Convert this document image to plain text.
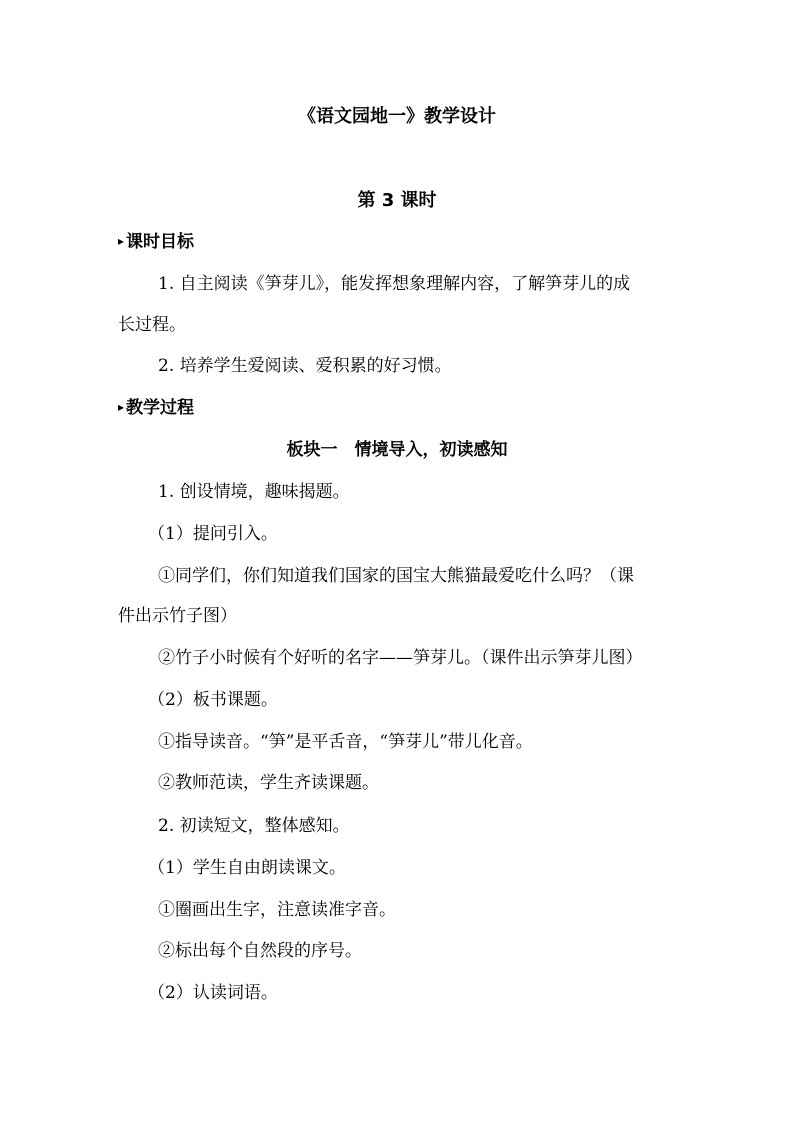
《语文园地一》教学设计
第 3 课时
▸ 课时目标
1. 自主阅读《笋芽儿》，能发挥想象理解内容，了解笋芽儿的成
长过程。
2. 培养学生爱阅读、爱积累的好习惯。
▸ 教学过程
板块一　情境导入，初读感知
1. 创设情境，趣味揭题。
（1）提问引入。
①同学们，你们知道我们国家的国宝大熊猫最爱吃什么吗？（课
件出示竹子图）
②竹子小时候有个好听的名字——笋芽儿。（课件出示笋芽儿图）
（2）板书课题。
①指导读音。“笋”是平舌音，“笋芽儿”带儿化音。
②教师范读，学生齐读课题。
2. 初读短文，整体感知。
（1）学生自由朗读课文。
①圈画出生字，注意读准字音。
②标出每个自然段的序号。
（2）认读词语。
